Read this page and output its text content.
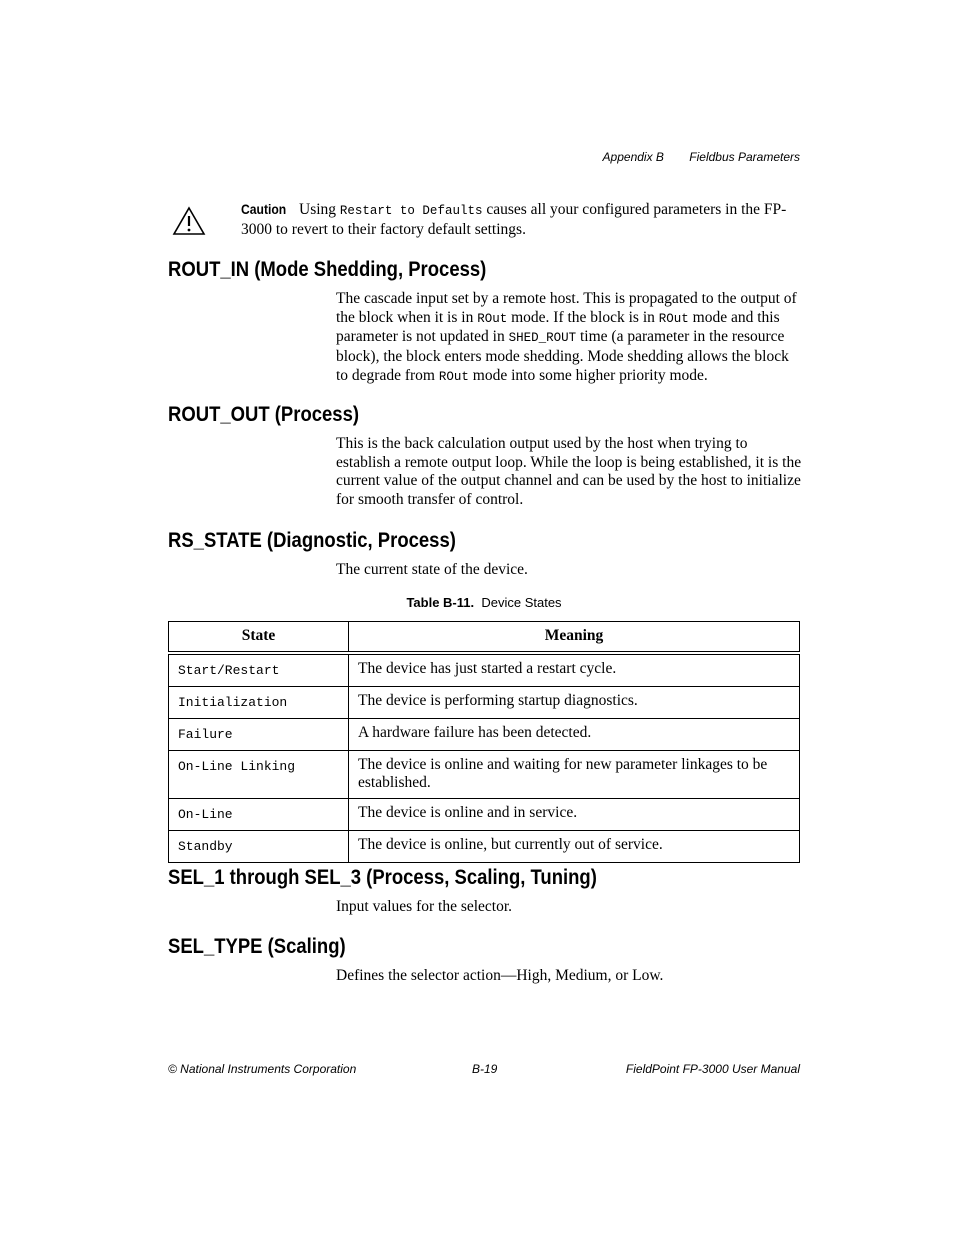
Appendix B Fieldbus Parameters
Caution Using Restart to Defaults causes all your configured parameters in the FP-3000 to revert to their factory default settings.
ROUT_IN (Mode Shedding, Process)
The cascade input set by a remote host. This is propagated to the output of the block when it is in ROut mode. If the block is in ROut mode and this parameter is not updated in SHED_ROUT time (a parameter in the resource block), the block enters mode shedding. Mode shedding allows the block to degrade from ROut mode into some higher priority mode.
ROUT_OUT (Process)
This is the back calculation output used by the host when trying to establish a remote output loop. While the loop is being established, it is the current value of the output channel and can be used by the host to initialize for smooth transfer of control.
RS_STATE (Diagnostic, Process)
The current state of the device.
Table B-11. Device States
State	Meaning
Start/Restart	The device has just started a restart cycle.
Initialization	The device is performing startup diagnostics.
Failure	A hardware failure has been detected.
On-Line Linking	The device is online and waiting for new parameter linkages to be established.
On-Line	The device is online and in service.
Standby	The device is online, but currently out of service.
SEL_1 through SEL_3 (Process, Scaling, Tuning)
Input values for the selector.
SEL_TYPE (Scaling)
Defines the selector action—High, Medium, or Low.
© National Instruments Corporation	B-19	FieldPoint FP-3000 User Manual
